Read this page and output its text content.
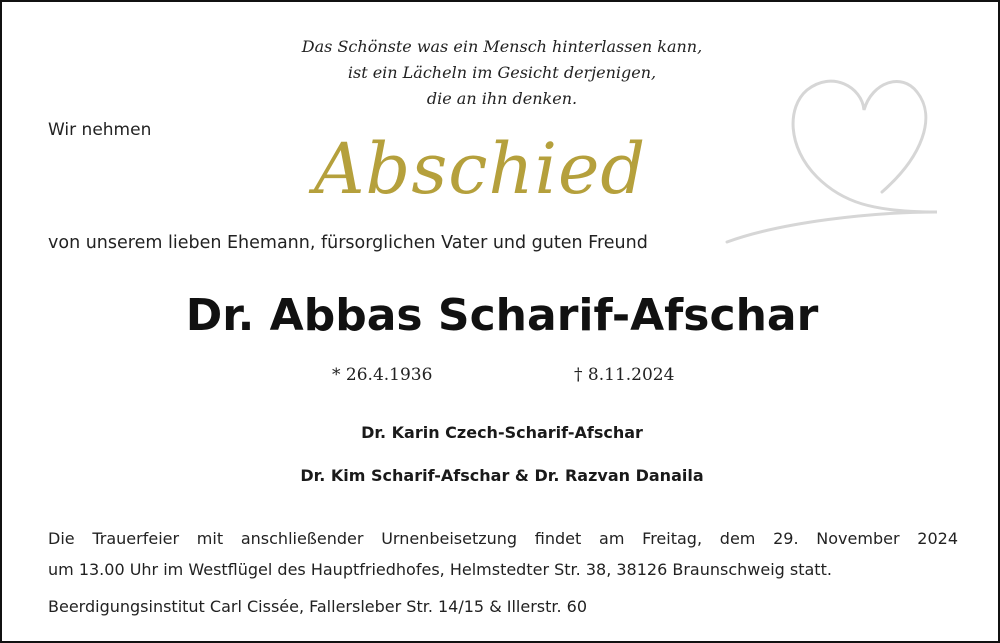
Das Schönste was ein Mensch hinterlassen kann,
ist ein Lächeln im Gesicht derjenigen,
die an ihn denken.
Wir nehmen Abschied
von unserem lieben Ehemann, fürsorglichen Vater und guten Freund
Dr. Abbas Scharif-Afschar
* 26.4.1936	† 8.11.2024
Dr. Karin Czech-Scharif-Afschar
Dr. Kim Scharif-Afschar & Dr. Razvan Danaila
Die Trauerfeier mit anschließender Urnenbeisetzung findet am Freitag, dem 29. November 2024
um 13.00 Uhr im Westflügel des Hauptfriedhofes, Helmstedter Str. 38, 38126 Braunschweig statt.
Beerdigungsinstitut Carl Cissée, Fallersleber Str. 14/15 & Illerstr. 60
